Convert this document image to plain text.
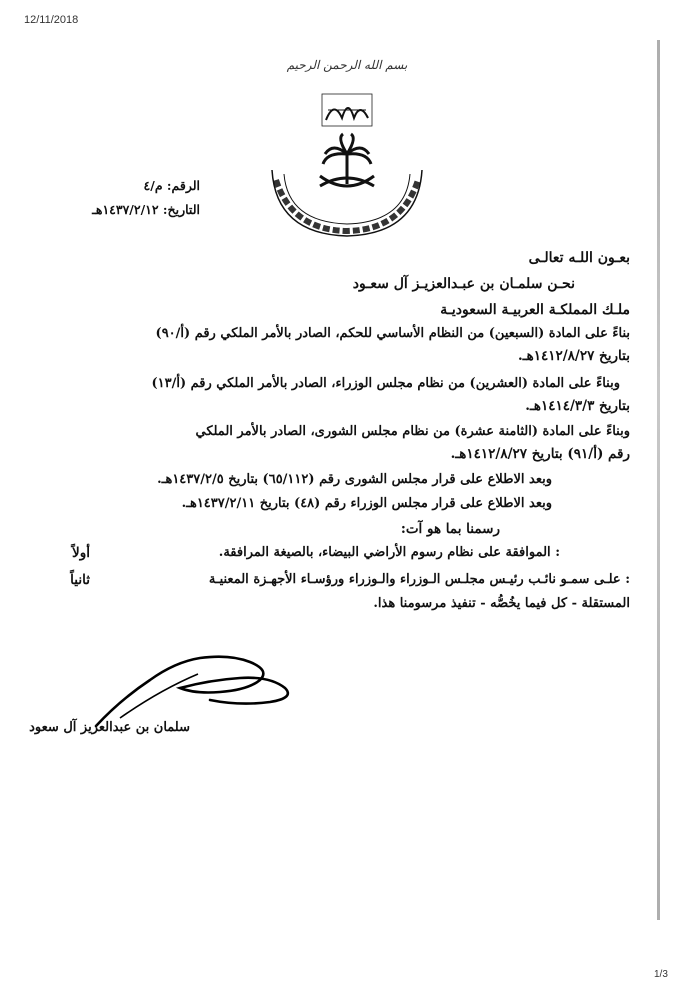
12/11/2018
بسم الله الرحمن الرحيم
الرقم: م/٤
التاريخ: ١٤٣٧/٢/١٢هـ
بعـون اللـه تعالـى
نحـن سلمـان بن عبـدالعزيـز آل سعـود
ملـك المملكـة العربيـة السعوديـة
بناءً على المادة (السبعين) من النظام الأساسي للحكم، الصادر بالأمر الملكي رقم (أ/٩٠)
بتاريخ ١٤١٢/٨/٢٧هـ.
وبناءً على المادة (العشرين) من نظام مجلس الوزراء، الصادر بالأمر الملكي رقم (أ/١٣)
بتاريخ ١٤١٤/٣/٣هـ.
وبناءً على المادة (الثامنة عشرة) من نظام مجلس الشورى، الصادر بالأمر الملكي
رقم (أ/٩١) بتاريخ ١٤١٢/٨/٢٧هـ.
وبعد الاطلاع على قرار مجلس الشورى رقم (٦٥/١١٢) بتاريخ ١٤٣٧/٢/٥هـ.
وبعد الاطلاع على قرار مجلس الوزراء رقم (٤٨) بتاريخ ١٤٣٧/٢/١١هـ.
رسمنا بما هو آت:
أولاً	: الموافقة على نظام رسوم الأراضي البيضاء، بالصيغة المرافقة.
ثانياً	: علـى سمـو نائـب رئيـس مجلـس الـوزراء والـوزراء ورؤسـاء الأجهـزة المعنيـة
المستقلة - كل فيما يخُصُّه - تنفيذ مرسومنا هذا.
سلمان بن عبدالعزيز آل سعود
1/3
